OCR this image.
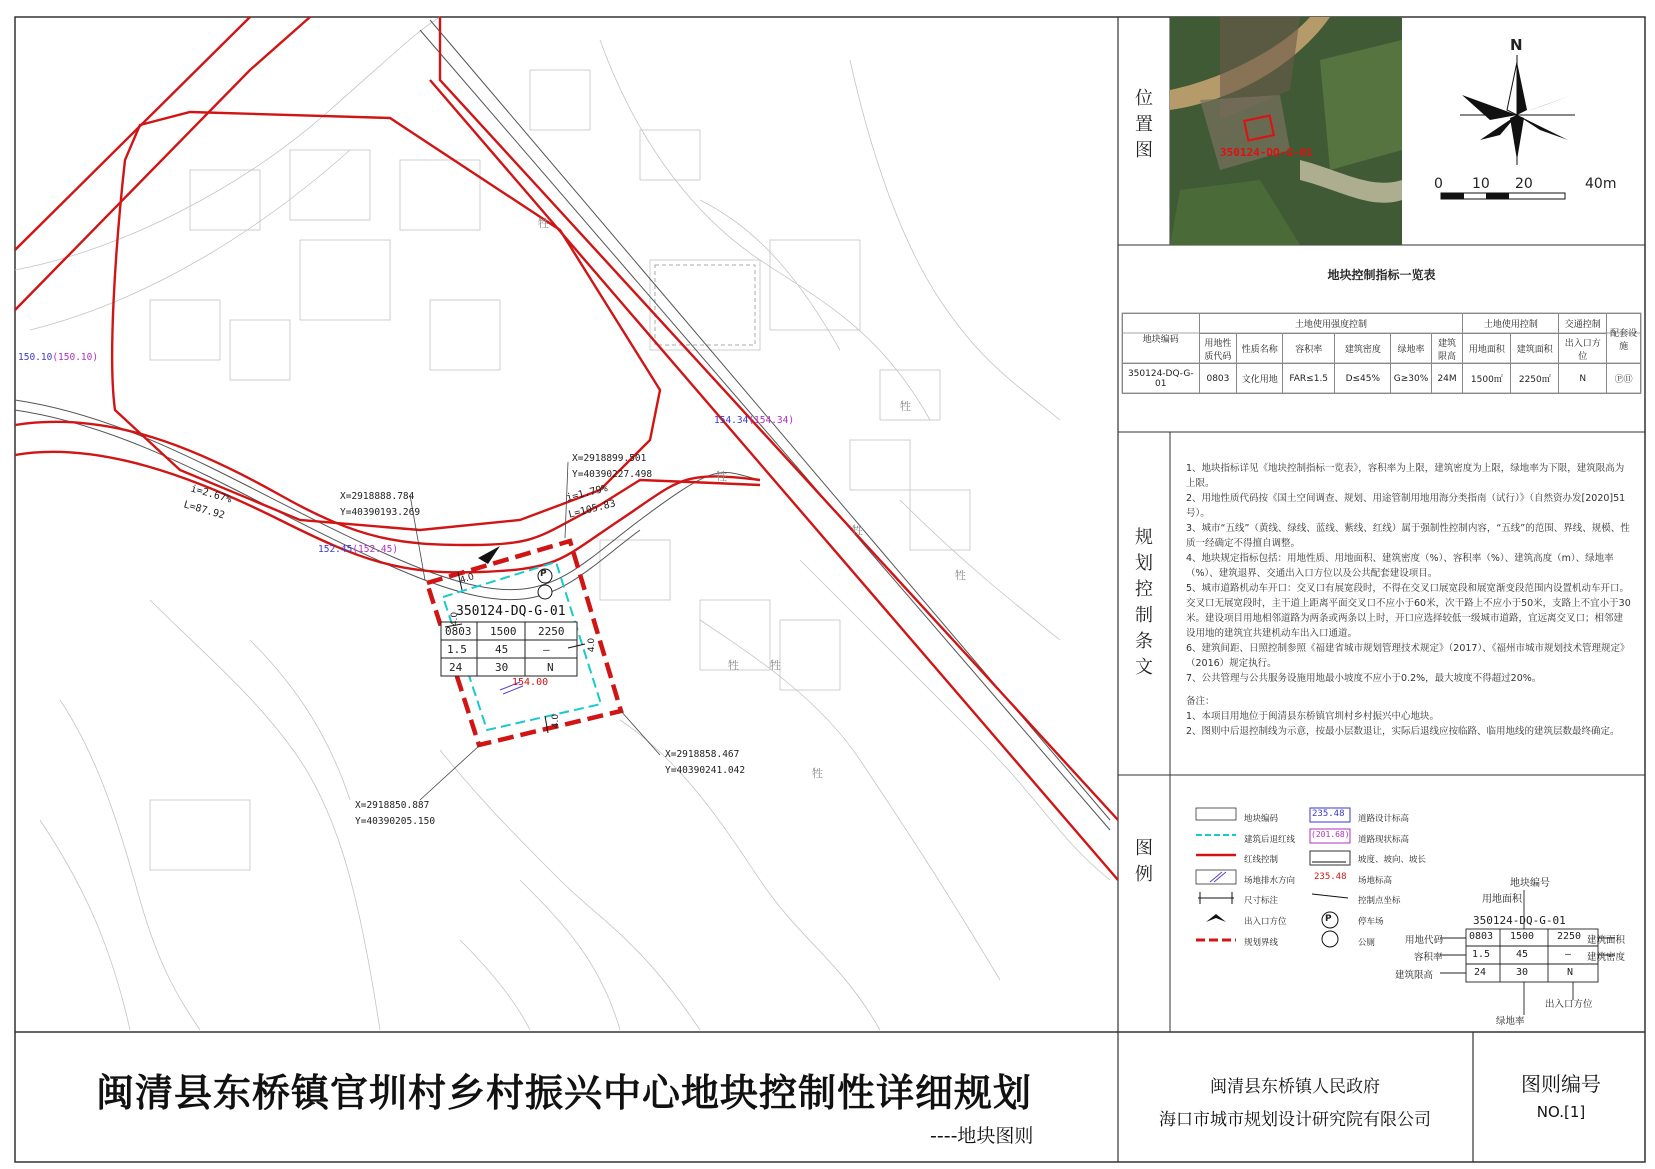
350124-DQ-G-01
0803 1500 2250
1.5	45	—
24	30	N
P
154.00
4.0
4.0
4.0
4.0
150.10(150.10)
154.34(154.34)
152.45(152.45)
i=2.67%
L=87.92
i=1.79%
L=105.83
X=2918888.784
Y=40390193.269
X=2918899.501
Y=40390227.498
X=2918858.467
Y=40390241.042
X=2918850.887
Y=40390205.150
牲
牲
牲
牲
牲	牲
牲
牲
位
置
图	350124-DQ-G-01
N
0 10 20	40m
地块控制指标一览表
地块编码	土地使用强度控制						土地使用控制		交通控制	配套设施
	用地性质代码	性质名称	容积率	建筑密度	绿地率	建筑限高	用地面积	建筑面积	出入口方位	
350124-DQ-G-01	0803	文化用地	FAR≤1.5	D≤45%	G≥30%	24M	1500㎡	2250㎡	N	Ⓟ⑪
规
划
控
制
条
文
1、地块指标详见《地块控制指标一览表》，容积率为上限，建筑密度为上限，绿地率为下限，建筑限高为上限。
2、用地性质代码按《国土空间调查、规划、用途管制用地用海分类指南（试行）》（自然资办发[2020]51号）。
3、城市“五线”（黄线、绿线、蓝线、紫线、红线）属于强制性控制内容，“五线”的范围、界线、规模、性质一经确定不得擅自调整。
4、地块规定指标包括：用地性质、用地面积、建筑密度（%）、容积率（%）、建筑高度（m）、绿地率（%）、建筑退界、交通出入口方位以及公共配套建设项目。
5、城市道路机动车开口：交叉口有展宽段时，不得在交叉口展宽段和展宽渐变段范围内设置机动车开口。交叉口无展宽段时，主干道上距离平面交叉口不应小于60米，次干路上不应小于50米，支路上不宜小于30米。建设项目用地相邻道路为两条或两条以上时，开口应选择较低一级城市道路，宜远离交叉口；相邻建设用地的建筑宜共建机动车出入口通道。
6、建筑间距、日照控制参照《福建省城市规划管理技术规定》（2017）、《福州市城市规划技术管理规定》（2016）规定执行。
7、公共管理与公共服务设施用地最小坡度不应小于0.2%，最大坡度不得超过20%。
备注：
1、本项目用地位于闽清县东桥镇官圳村乡村振兴中心地块。
2、图则中后退控制线为示意，按最小层数退让，实际后退线应按临路、临用地线的建筑层数最终确定。
图
例
地块编码
建筑后退红线
红线控制
场地排水方向
尺寸标注
出入口方位
规划界线
道路设计标高
道路现状标高
坡度、坡向、坡长
场地标高
控制点坐标
停车场
公厕
235.48
(201.68)
235.48
P
地块编号
用地面积
350124-DQ-G-01
0803 1500 2250
1.5	45	—
24	30	N
用地代码
容积率
建筑限高
建筑面积
建筑密度
出入口方位
绿地率
闽清县东桥镇官圳村乡村振兴中心地块控制性详细规划
----地块图则
闽清县东桥镇人民政府
海口市城市规划设计研究院有限公司
图则编号
NO.[1]
